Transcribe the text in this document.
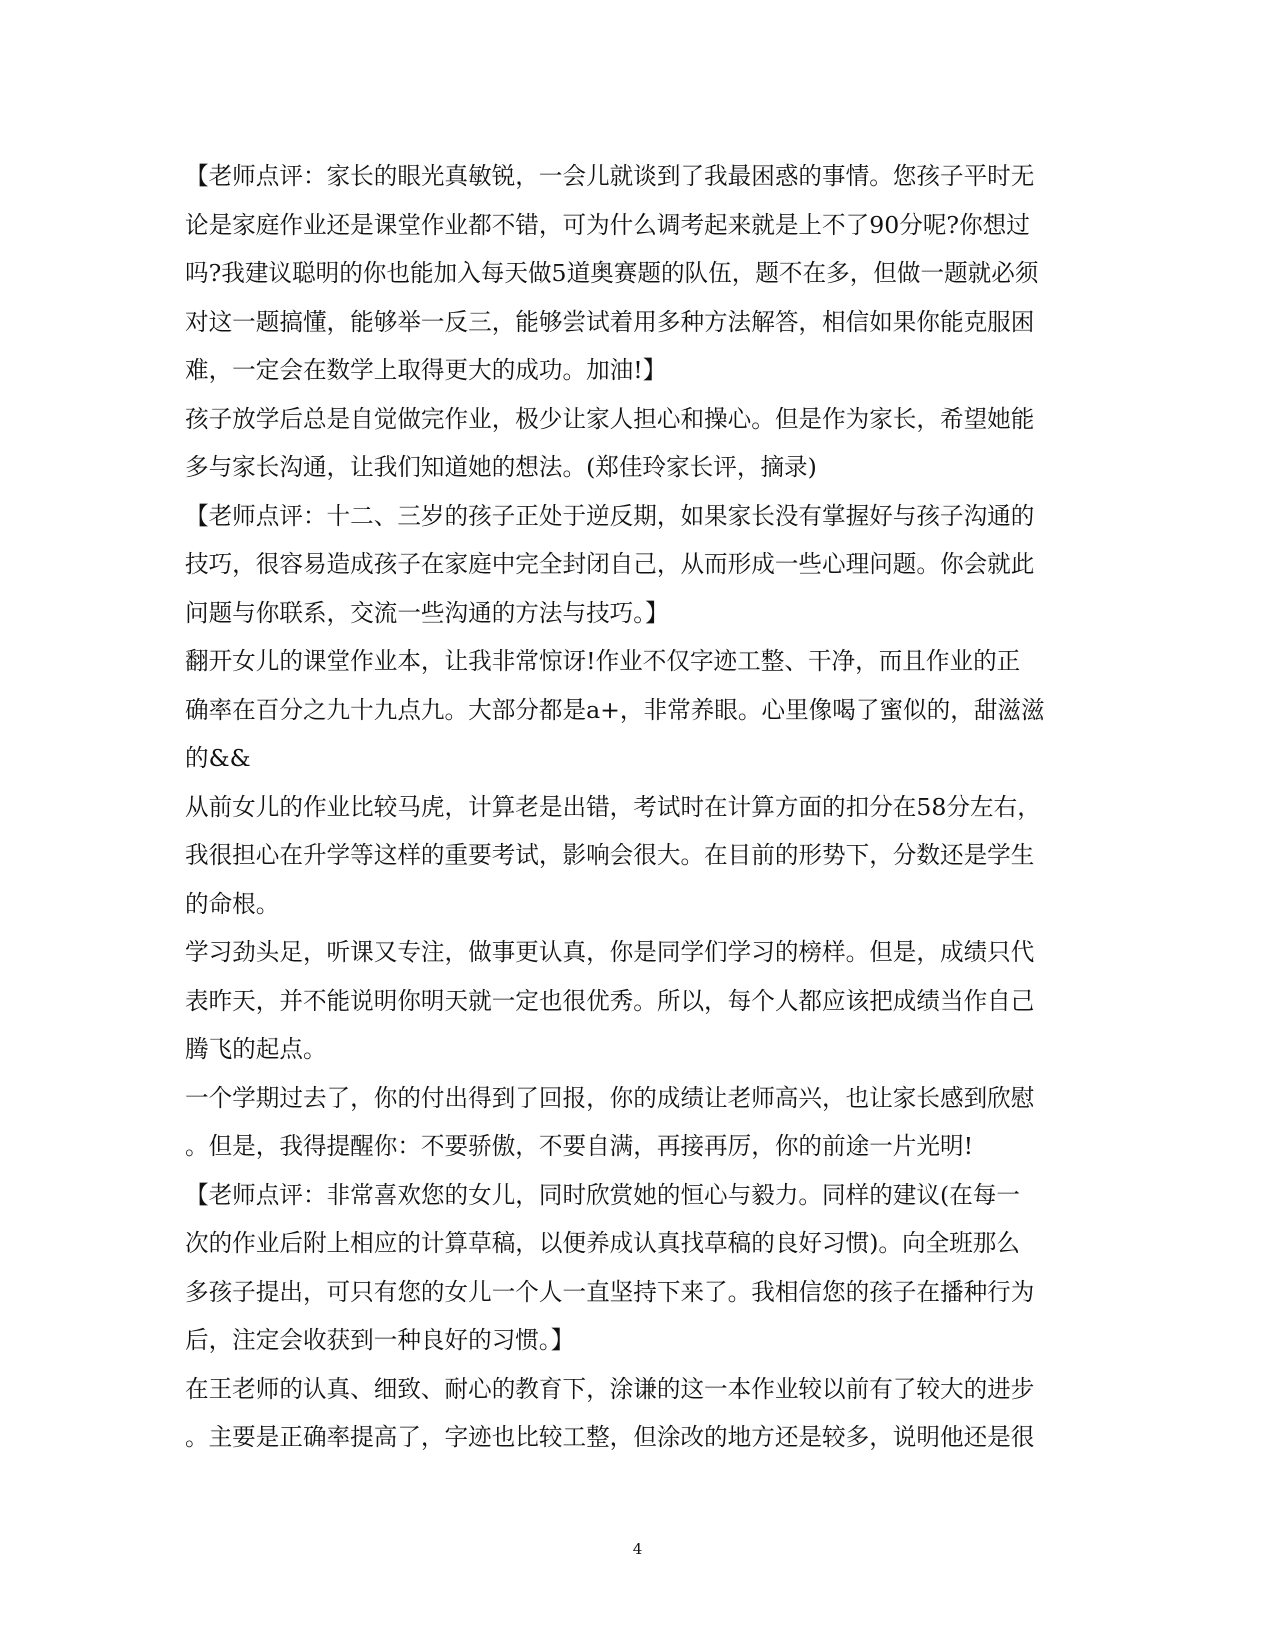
【老师点评：家长的眼光真敏锐，一会儿就谈到了我最困惑的事情。您孩子平时无
论是家庭作业还是课堂作业都不错，可为什么调考起来就是上不了90分呢?你想过
吗?我建议聪明的你也能加入每天做5道奥赛题的队伍，题不在多，但做一题就必须
对这一题搞懂，能够举一反三，能够尝试着用多种方法解答，相信如果你能克服困
难，一定会在数学上取得更大的成功。加油!】
孩子放学后总是自觉做完作业，极少让家人担心和操心。但是作为家长，希望她能
多与家长沟通，让我们知道她的想法。(郑佳玲家长评，摘录)
【老师点评：十二、三岁的孩子正处于逆反期，如果家长没有掌握好与孩子沟通的
技巧，很容易造成孩子在家庭中完全封闭自己，从而形成一些心理问题。你会就此
问题与你联系，交流一些沟通的方法与技巧。】
翻开女儿的课堂作业本，让我非常惊讶!作业不仅字迹工整、干净，而且作业的正
确率在百分之九十九点九。大部分都是a+，非常养眼。心里像喝了蜜似的，甜滋滋
的&&
从前女儿的作业比较马虎，计算老是出错，考试时在计算方面的扣分在58分左右，
我很担心在升学等这样的重要考试，影响会很大。在目前的形势下，分数还是学生
的命根。
学习劲头足，听课又专注，做事更认真，你是同学们学习的榜样。但是，成绩只代
表昨天，并不能说明你明天就一定也很优秀。所以，每个人都应该把成绩当作自己
腾飞的起点。
一个学期过去了，你的付出得到了回报，你的成绩让老师高兴，也让家长感到欣慰
。但是，我得提醒你：不要骄傲，不要自满，再接再厉，你的前途一片光明!
【老师点评：非常喜欢您的女儿，同时欣赏她的恒心与毅力。同样的建议(在每一
次的作业后附上相应的计算草稿，以便养成认真找草稿的良好习惯)。向全班那么
多孩子提出，可只有您的女儿一个人一直坚持下来了。我相信您的孩子在播种行为
后，注定会收获到一种良好的习惯。】
在王老师的认真、细致、耐心的教育下，涂谦的这一本作业较以前有了较大的进步
。主要是正确率提高了，字迹也比较工整，但涂改的地方还是较多，说明他还是很
4
